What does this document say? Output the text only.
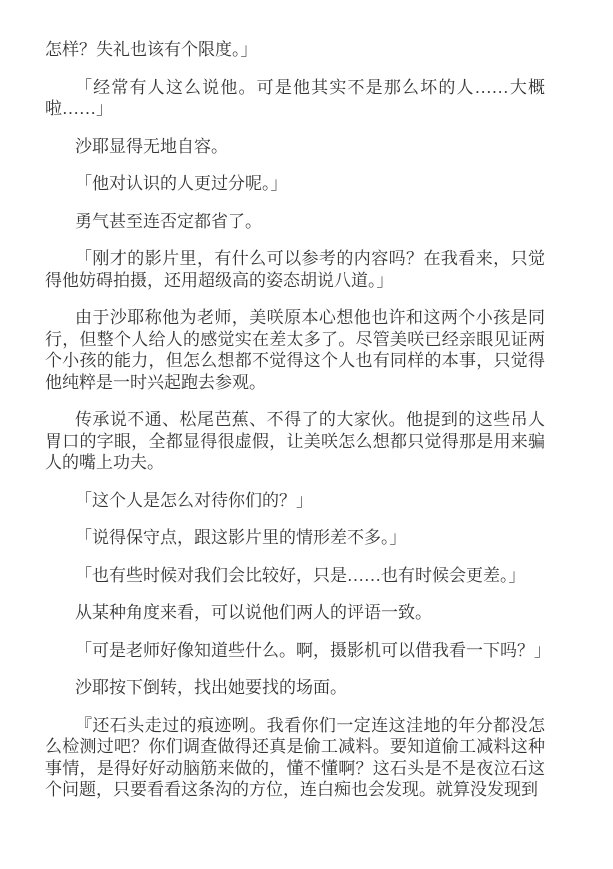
怎样？失礼也该有个限度。」

「经常有人这么说他。可是他其实不是那么坏的人……大概啦……」

沙耶显得无地自容。

「他对认识的人更过分呢。」

勇气甚至连否定都省了。

「刚才的影片里，有什么可以参考的内容吗？在我看来，只觉得他妨碍拍摄，还用超级高的姿态胡说八道。」

由于沙耶称他为老师，美咲原本心想他也许和这两个小孩是同行，但整个人给人的感觉实在差太多了。尽管美咲已经亲眼见证两个小孩的能力，但怎么想都不觉得这个人也有同样的本事，只觉得他纯粹是一时兴起跑去参观。

传承说不通、松尾芭蕉、不得了的大家伙。他提到的这些吊人胃口的字眼，全都显得很虚假，让美咲怎么想都只觉得那是用来骗人的嘴上功夫。

「这个人是怎么对待你们的？」

「说得保守点，跟这影片里的情形差不多。」

「也有些时候对我们会比较好，只是……也有时候会更差。」

从某种角度来看，可以说他们两人的评语一致。

「可是老师好像知道些什么。啊，摄影机可以借我看一下吗？」

沙耶按下倒转，找出她要找的场面。

『还石头走过的痕迹咧。我看你们一定连这洼地的年分都没怎么检测过吧？你们调查做得还真是偷工减料。要知道偷工减料这种事情，是得好好动脑筋来做的，懂不懂啊？这石头是不是夜泣石这个问题，只要看看这条沟的方位，连白痴也会发现。就算没发现到
